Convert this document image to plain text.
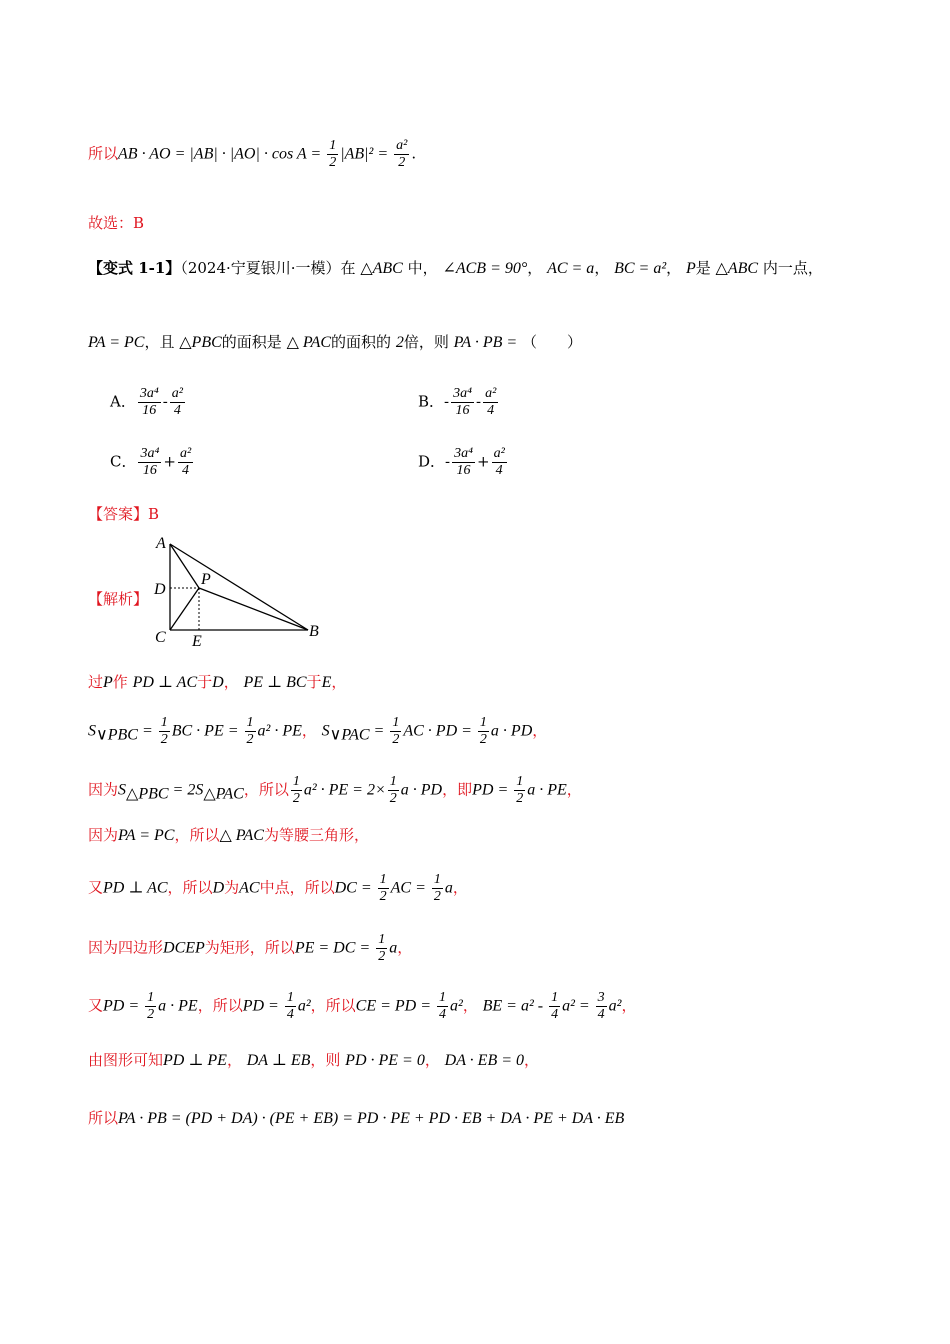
所以AB · AO = $|AB| \cdot |AO| \cdot \cos A = \frac{1}{2} |AB|^2 = \frac{\text{a²}}{2}$ .
故选：B
【变式 1-1】（2024·宁夏银川·一模）在 △ABC 中， ∠ACB = 90°， AC = a， BC = a²， P是 △ABC 内一点，
PA = PC，且 △PBC的面积是 △ PAC的面积的 2倍，则 PA · PB = （　　）
A． $\frac{\text{3a⁴}}{16} - \frac{\text{a²}}{4}$	B．- $\frac{\text{3a⁴}}{16} - \frac{\text{a²}}{4}$
C． $\frac{\text{3a⁴}}{16} + \frac{\text{a²}}{4}$	D．- $\frac{\text{3a⁴}}{16} + \frac{\text{a²}}{4}$
【答案】B
【解析】
A
D
C
P
E
B
过P作 PD ⊥ AC于D， PE ⊥ BC于E，
$S_{\vee PBC} = \frac{1}{2}$ BC · PE = $\frac{1}{2} a^2$ · PE， $S_{\vee PAC} = \frac{1}{2}$ AC · PD = $\frac{1}{2}$ a · PD，
因为$S_{\triangle PBC} = 2S_{\triangle PAC}$，所以 $\frac{1}{2} a^2$ · PE = $2\times \frac{1}{2}$ a · PD，即PD = $\frac{1}{2}$ a · PE，
因为PA = PC，所以△ PAC为等腰三角形，
又PD ⊥ AC，所以D为AC中点，所以DC = $\frac{1}{2}$ AC = $\frac{1}{2}$ a，
因为四边形DCEP为矩形，所以PE = DC = $\frac{1}{2}$ a，
又PD = $\frac{1}{2}$ a · PE，所以PD = $\frac{1}{4} a^2$，所以CE = PD = $\frac{1}{4} a^2$， BE = $a^2 - \frac{1}{4} a^2 = \frac{3}{4} a^2$，
由图形可知PD ⊥ PE， DA ⊥ EB，则 PD · PE = 0， DA · EB = 0，
所以PA · PB = (PD + DA) · (PE + EB) = PD · PE + PD · EB + DA · PE + DA · EB
